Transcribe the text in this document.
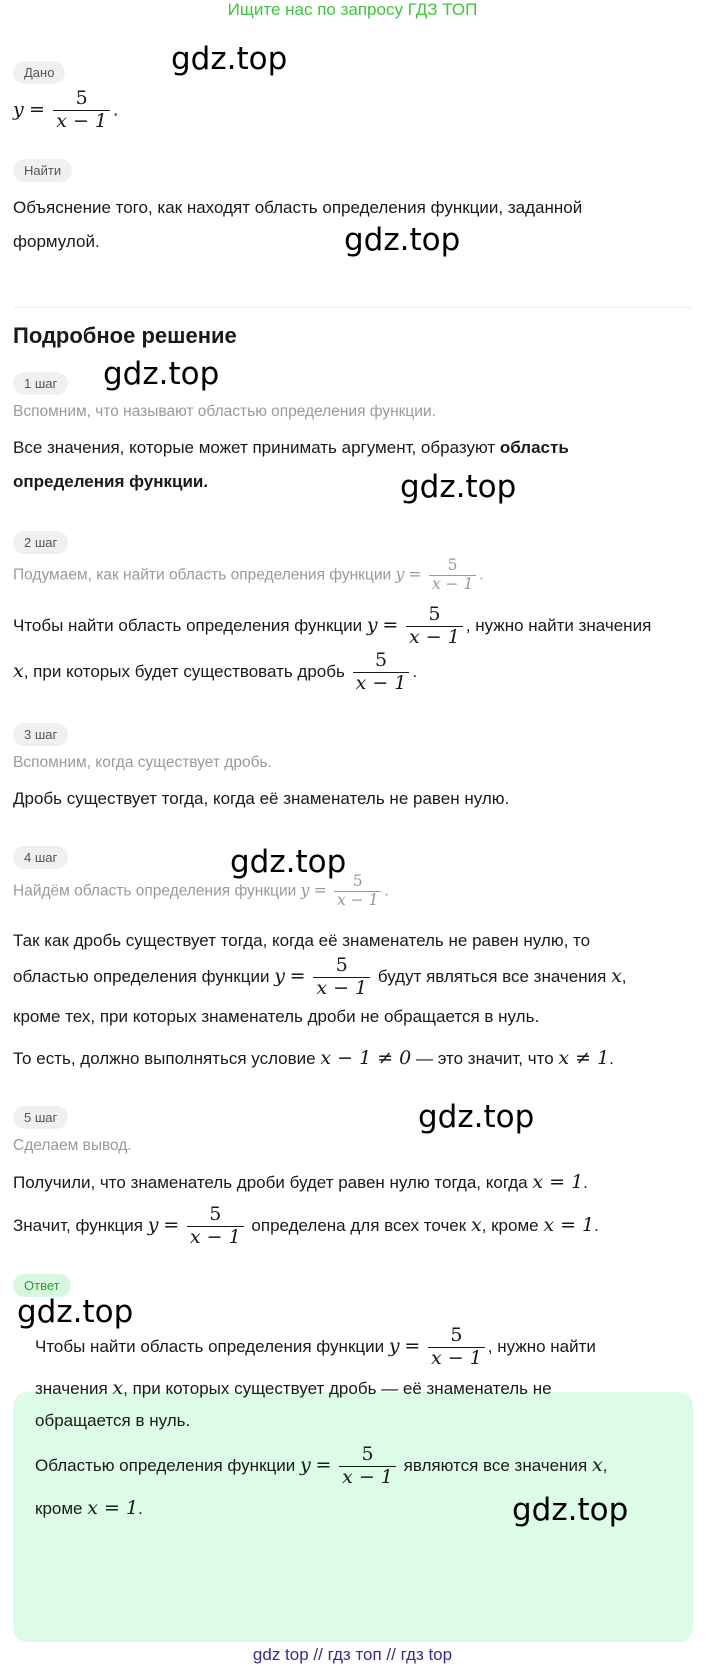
Ищите нас по запросу ГДЗ ТОП
Дано
$y = \frac{5}{x - 1}$ .
Найти
Объяснение того, как находят область определения функции, заданной
формулой.
Подробное решение
1 шаг
Вспомним, что называют областью определения функции.
Все значения, которые может принимать аргумент, образуют область
определения функции.
2 шаг
Подумаем, как найти область определения функции $y = \frac{5}{x - 1}$ .
Чтобы найти область определения функции $y = \frac{5}{x - 1}$ , нужно найти значения
x, при которых будет существовать дробь $\frac{5}{x - 1}$ .
3 шаг
Вспомним, когда существует дробь.
Дробь существует тогда, когда её знаменатель не равен нулю.
4 шаг
Найдём область определения функции $y = \frac{5}{x - 1}$ .
Так как дробь существует тогда, когда её знаменатель не равен нулю, то
областью определения функции $y = \frac{5}{x - 1}$ будут являться все значения x,
кроме тех, при которых знаменатель дроби не обращается в нуль.
То есть, должно выполняться условие x − 1 ≠ 0 — это значит, что x ≠ 1.
5 шаг
Сделаем вывод.
Получили, что знаменатель дроби будет равен нулю тогда, когда x = 1.
Значит, функция $y = \frac{5}{x - 1}$ определена для всех точек x, кроме x = 1.
Ответ
Чтобы найти область определения функции $y = \frac{5}{x - 1}$ , нужно найти
значения x, при которых существует дробь — её знаменатель не
обращается в нуль.
Областью определения функции $y = \frac{5}{x - 1}$ являются все значения x,
кроме x = 1.
gdz.top
gdz.top
gdz.top
gdz.top
gdz.top
gdz.top
gdz.top
gdz.top
gdz top // гдз топ // гдз top
